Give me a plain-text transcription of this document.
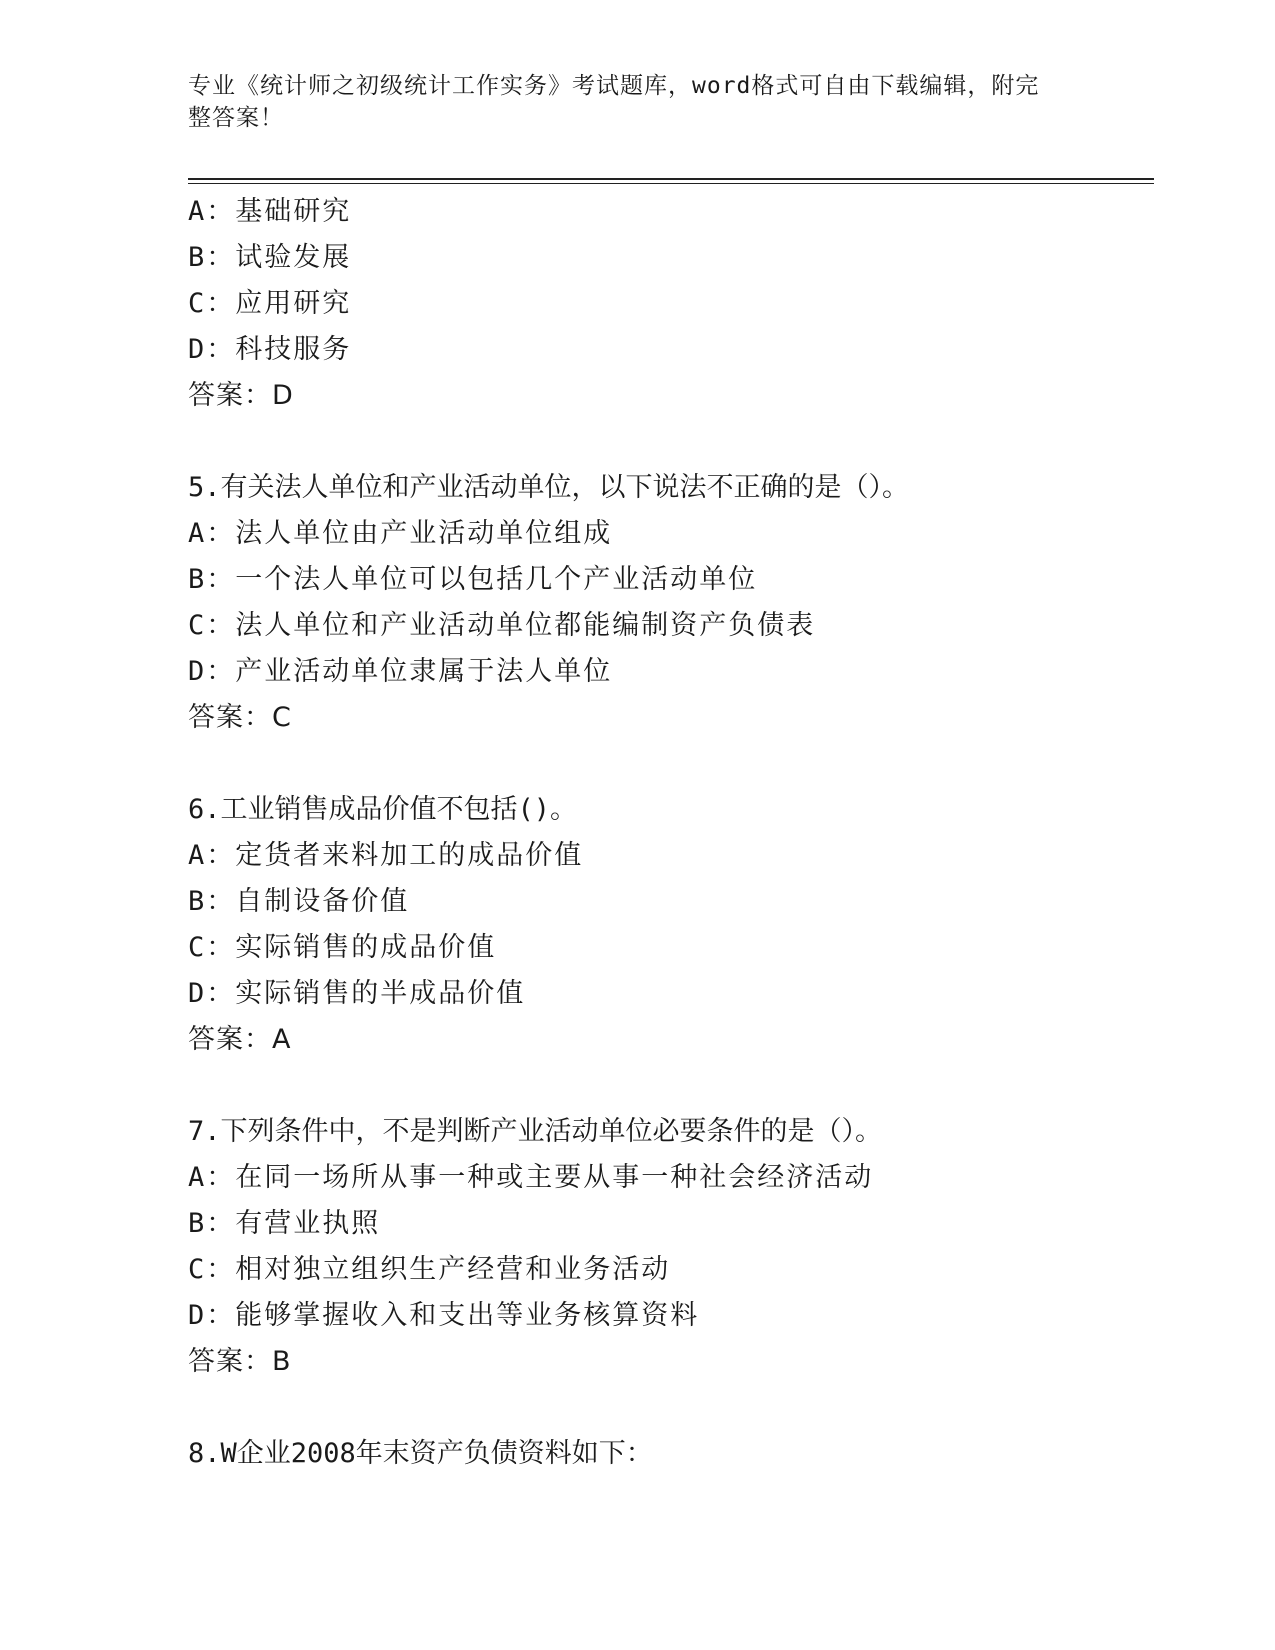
专业《统计师之初级统计工作实务》考试题库，word格式可自由下载编辑，附完
整答案！
A：基础研究
B：试验发展
C：应用研究
D：科技服务
答案：D
5.有关法人单位和产业活动单位，以下说法不正确的是（）。
A：法人单位由产业活动单位组成
B：一个法人单位可以包括几个产业活动单位
C：法人单位和产业活动单位都能编制资产负债表
D：产业活动单位隶属于法人单位
答案：C
6.工业销售成品价值不包括()。
A：定货者来料加工的成品价值
B：自制设备价值
C：实际销售的成品价值
D：实际销售的半成品价值
答案：A
7.下列条件中，不是判断产业活动单位必要条件的是（）。
A：在同一场所从事一种或主要从事一种社会经济活动
B：有营业执照
C：相对独立组织生产经营和业务活动
D：能够掌握收入和支出等业务核算资料
答案：B
8.W企业2008年末资产负债资料如下：
